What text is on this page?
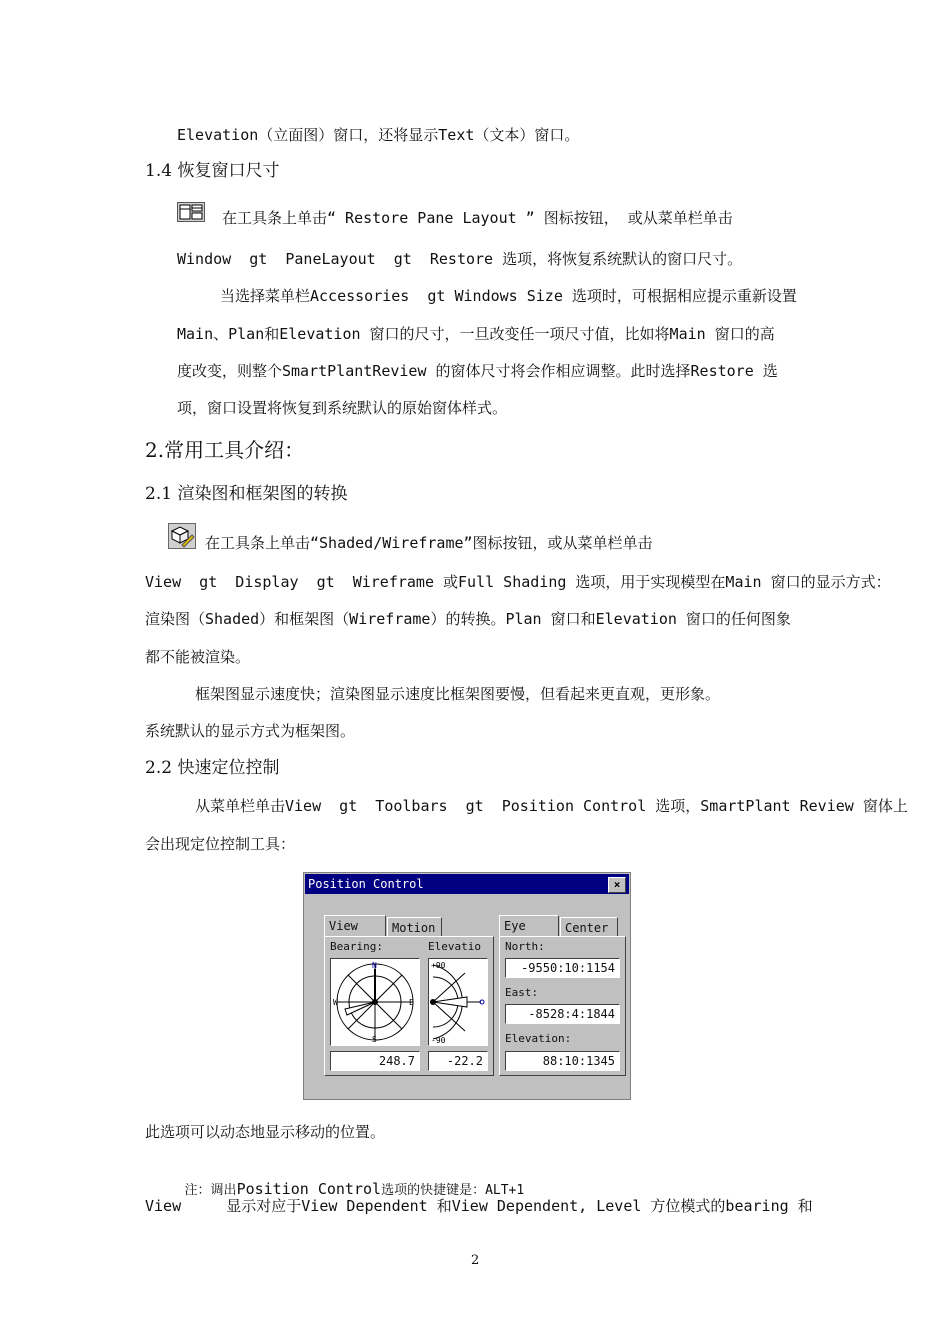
Elevation（立面图）窗口，还将显示Text（文本）窗口。
1.4 恢复窗口尺寸
在工具条上单击“ Restore Pane Layout ” 图标按钮， 或从菜单栏单击
Window  gt  PaneLayout  gt  Restore 选项，将恢复系统默认的窗口尺寸。
当选择菜单栏Accessories  gt Windows Size 选项时，可根据相应提示重新设置
Main、Plan和Elevation 窗口的尺寸，一旦改变任一项尺寸值，比如将Main 窗口的高
度改变，则整个SmartPlantReview 的窗体尺寸将会作相应调整。此时选择Restore 选
项，窗口设置将恢复到系统默认的原始窗体样式。
2.常用工具介绍：
2.1 渲染图和框架图的转换
在工具条上单击“Shaded/Wireframe”图标按钮，或从菜单栏单击
View  gt  Display  gt  Wireframe 或Full Shading 选项，用于实现模型在Main 窗口的显示方式：
渲染图（Shaded）和框架图（Wireframe）的转换。Plan 窗口和Elevation 窗口的任何图象
都不能被渲染。
框架图显示速度快；渲染图显示速度比框架图要慢，但看起来更直观，更形象。
系统默认的显示方式为框架图。
2.2 快速定位控制
从菜单栏单击View  gt  Toolbars  gt  Position Control 选项，SmartPlant Review 窗体上
会出现定位控制工具：
Position Control	×
View	Motion	Eye	Center
Bearing:	Elevatio
N
E
S
W
+90
-90
248.7	-22.2
North:
-9550:10:1154
East:
-8528:4:1844
Elevation:
88:10:1345
此选项可以动态地显示移动的位置。

注：调出Position Control选项的快捷键是：ALT+1

View     显示对应于View Dependent 和View Dependent, Level 方位模式的bearing 和
2
